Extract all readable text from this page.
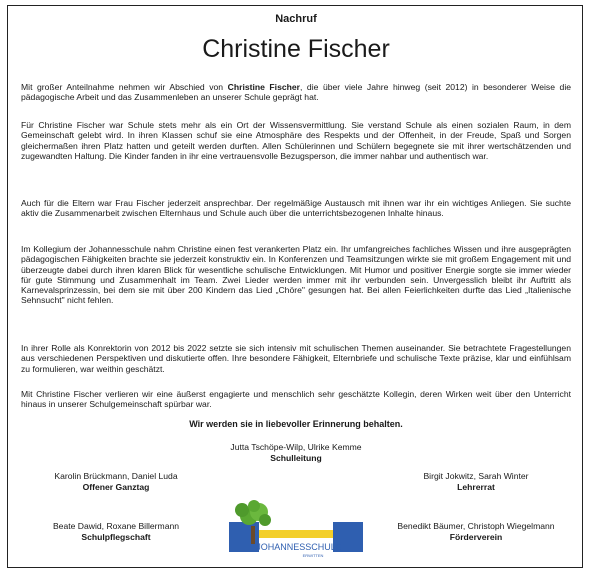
Nachruf
Christine Fischer

Mit großer Anteilnahme nehmen wir Abschied von Christine Fischer, die über viele Jahre hinweg (seit 2012) in besonderer Weise die pädagogische Arbeit und das Zusammenleben an unserer Schule geprägt hat.

Für Christine Fischer war Schule stets mehr als ein Ort der Wissensvermittlung. Sie verstand Schule als einen sozialen Raum, in dem Gemeinschaft gelebt wird. In ihren Klassen schuf sie eine Atmosphäre des Respekts und der Offenheit, in der Freude, Spaß und Sorgen gleichermaßen ihren Platz hatten und geteilt werden durften. Allen Schülerinnen und Schülern begegnete sie mit ihrer wertschätzenden und zugewandten Haltung. Die Kinder fanden in ihr eine vertrauensvolle Bezugsperson, die immer nahbar und authentisch war.

Auch für die Eltern war Frau Fischer jederzeit ansprechbar. Der regelmäßige Austausch mit ihnen war ihr ein wichtiges Anliegen. Sie suchte aktiv die Zusammenarbeit zwischen Elternhaus und Schule auch über die unterrichtsbezogenen Inhalte hinaus.

Im Kollegium der Johannesschule nahm Christine einen fest verankerten Platz ein. Ihr umfangreiches fachliches Wissen und ihre ausgeprägten pädagogischen Fähigkeiten brachte sie jederzeit konstruktiv ein. In Konferenzen und Teamsitzungen wirkte sie mit großem Engagement mit und überzeugte dabei durch ihren klaren Blick für wesentliche schulische Entwicklungen. Mit Humor und positiver Energie sorgte sie immer wieder für gute Stimmung und Zusammenhalt im Team. Zwei Lieder werden immer mit ihr verbunden sein. Unvergesslich bleibt ihr Auftritt als Karnevalsprinzessin, bei dem sie mit über 200 Kindern das Lied „Chöre" gesungen hat. Bei allen Feierlichkeiten durfte das Lied „Italienische Sehnsucht" nicht fehlen.

In ihrer Rolle als Konrektorin von 2012 bis 2022 setzte sie sich intensiv mit schulischen Themen auseinander. Sie betrachtete Fragestellungen aus verschiedenen Perspektiven und diskutierte offen. Ihre besondere Fähigkeit, Elternbriefe und schulische Texte präzise, klar und einfühlsam zu formulieren, war weithin geschätzt.

Mit Christine Fischer verlieren wir eine äußerst engagierte und menschlich sehr geschätzte Kollegin, deren Wirken weit über den Unterricht hinaus in unserer Schulgemeinschaft spürbar war.

Wir werden sie in liebevoller Erinnerung behalten.
Jutta Tschöpe-Wilp, Ulrike Kemme
Schulleitung
Karolin Brückmann, Daniel Luda
Offener Ganztag
Birgit Jokwitz, Sarah Winter
Lehrerrat
Beate Dawid, Roxane Billermann
Schulpflegschaft
Benedikt Bäumer, Christoph Wiegelmann
Förderverein
JOHANNESSCHULE
ERWITTEN
